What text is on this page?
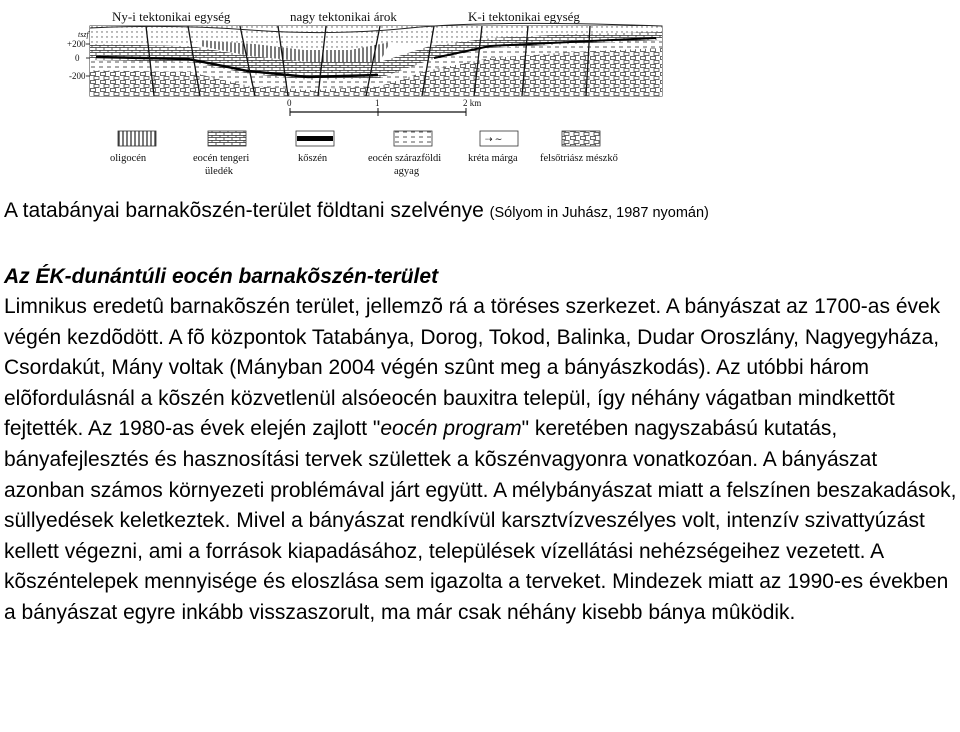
Ny-i tektonikai egység	nagy tektonikai árok	K-i tektonikai egység
tszf
+200
0
-200
0	1	2 km
oligocén	eocén tengeri üledék
kőszén	eocén szárazföldi agyag
⇢ ∼
kréta márga felsőtriász mészkő
A tatabányai barnakõszén-terület földtani szelvénye (Sólyom in Juhász, 1987 nyomán)

Az ÉK-dunántúli eocén barnakõszén-terület

Limnikus eredetû barnakõszén terület, jellemzõ rá a töréses szerkezet. A bányászat az 1700-as évek végén kezdõdött. A fõ központok Tatabánya, Dorog, Tokod, Balinka, Dudar Oroszlány, Nagyegyháza, Csordakút, Mány voltak (Mányban 2004 végén szûnt meg a bányászkodás). Az utóbbi három elõfordulásnál a kõszén közvetlenül alsóeocén bauxitra települ, így néhány vágatban mindkettõt fejtették. Az 1980-as évek elején zajlott "eocén program" keretében nagyszabású kutatás, bányafejlesztés és hasznosítási tervek születtek a kõszénvagyonra vonatkozóan. A bányászat azonban számos környezeti problémával járt együtt. A mélybányászat miatt a felszínen beszakadások, süllyedések keletkeztek. Mivel a bányászat rendkívül karsztvízveszélyes volt, intenzív szivattyúzást kellett végezni, ami a források kiapadásához, települések vízellátási nehézségeihez vezetett. A kõszéntelepek mennyisége és eloszlása sem igazolta a terveket. Mindezek miatt az 1990-es években a bányászat egyre inkább visszaszorult, ma már csak néhány kisebb bánya mûködik.
